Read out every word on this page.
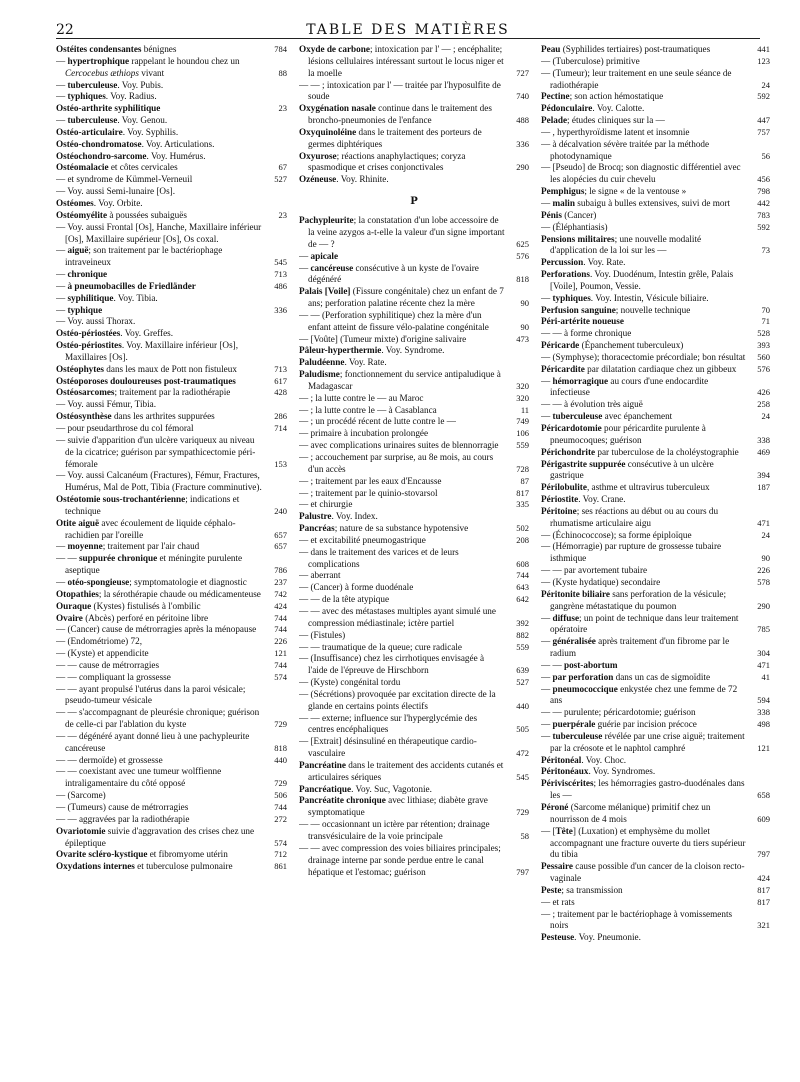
22	TABLE DES MATIÈRES
Ostéites condensantes bénignes	784
— hypertrophique rappelant le houndou chez un Cercocebus æthiops vivant	88
— tuberculeuse. Voy. Pubis.
— typhiques. Voy. Radius.
Ostéo-arthrite syphilitique	23
— tuberculeuse. Voy. Genou.
Ostéo-articulaire. Voy. Syphilis.
Ostéo-chondromatose. Voy. Articulations.
Ostéochondro-sarcome. Voy. Humérus.
Ostéomalacie et côtes cervicales	67
— et syndrome de Kümmel-Verneuil	527
— Voy. aussi Semi-lunaire [Os].
Ostéomes. Voy. Orbite.
Ostéomyélite à poussées subaiguës	23
— Voy. aussi Frontal [Os], Hanche, Maxillaire inférieur [Os], Maxillaire supérieur [Os], Os coxal.
— aiguë; son traitement par le bactériophage intraveineux	545
— chronique	713
— à pneumobacilles de Friedländer	486
— syphilitique. Voy. Tibia.
— typhique	336
— Voy. aussi Thorax.
Ostéo-périostées. Voy. Greffes.
Ostéo-périostites. Voy. Maxillaire inférieur [Os], Maxillaires [Os].
Ostéophytes dans les maux de Pott non fistuleux	713
Ostéoporoses douloureuses post-traumatiques	617
Ostéosarcomes; traitement par la radiothérapie	428
— Voy. aussi Fémur, Tibia.
Ostéosynthèse dans les arthrites suppurées	286
— pour pseudarthrose du col fémoral	714
— suivie d'apparition d'un ulcère variqueux au niveau de la cicatrice; guérison par sympathicectomie péri-fémorale	153
— Voy. aussi Calcanéum (Fractures), Fémur, Fractures, Humérus, Mal de Pott, Tibia (Fracture comminutive).
Ostéotomie sous-trochantérienne; indications et technique	240
Otite aiguë avec écoulement de liquide céphalo-rachidien par l'oreille	657
— moyenne; traitement par l'air chaud	657
— — suppurée chronique et méningite purulente aseptique	786
— otéo-spongieuse; symptomatologie et diagnostic	237
Otopathies; la sérothérapie chaude ou médicamenteuse 742
Ouraque (Kystes) fistulisés à l'ombilic	424
Ovaire (Abcès) perforé en péritoine libre	744
— (Cancer) cause de métrorragies après la ménopause 744
— (Endométriome) 72,	226
— (Kyste) et appendicite	121
— — cause de métrorragies	744
— — compliquant la grossesse	574
— — ayant propulsé l'utérus dans la paroi vésicale; pseudo-tumeur vésicale
— — s'accompagnant de pleurésie chronique; guérison de celle-ci par l'ablation du kyste	729
— — dégénéré ayant donné lieu à une pachypleurite cancéreuse	818
— — dermoïde) et grossesse	440
— — coexistant avec une tumeur wolffienne intraligamentaire du côté opposé	729
— (Sarcome)	506
— (Tumeurs) cause de métrorragies	744
— — aggravées par la radiothérapie	272
Ovariotomie suivie d'aggravation des crises chez une épileptique	574
Ovarite scléro-kystique et fibromyome utérin	712
Oxydations internes et tuberculose pulmonaire	861
Oxyde de carbone; intoxication par l' — ; encéphalite; lésions cellulaires intéressant surtout le locus niger et la moelle	727
— — ; intoxication par l' — traitée par l'hyposulfite de soude	740
Oxygénation nasale continue dans le traitement des broncho-pneumonies de l'enfance	488
Oxyquinoléine dans le traitement des porteurs de germes diphtériques	336
Oxyurose; réactions anaphylactiques; coryza spasmodique et crises conjonctivales	290
Ozéneuse. Voy. Rhinite.
P
Pachypleurite; la constatation d'un lobe accessoire de la veine azygos a-t-elle la valeur d'un signe important de — ?	625
— apicale	576
— cancéreuse consécutive à un kyste de l'ovaire dégénéré	818
Palais [Voile] (Fissure congénitale) chez un enfant de 7 ans; perforation palatine récente chez la mère	90
— — (Perforation syphilitique) chez la mère d'un enfant atteint de fissure vélo-palatine congénitale	90
— [Voûte] (Tumeur mixte) d'origine salivaire	473
Pâleur-hyperthermie. Voy. Syndrome.
Paludéenne. Voy. Rate.
Paludisme; fonctionnement du service antipaludique à Madagascar	320
— ; la lutte contre le — au Maroc	320
— ; la lutte contre le — à Casablanca	11
— ; un procédé récent de lutte contre le —	749
— primaire à incubation prolongée	106
— avec complications urinaires suites de blennorragie 559
— ; accouchement par surprise, au 8e mois, au cours d'un accès	728
— ; traitement par les eaux d'Encausse	87
— ; traitement par le quinio-stovarsol	817
— et chirurgie	335
Palustre. Voy. Index.
Pancréas; nature de sa substance hypotensive	502
— et excitabilité pneumogastrique	208
— dans le traitement des varices et de leurs complications	608
— aberrant	744
— (Cancer) à forme duodénale	643
— — de la tête atypique	642
— — avec des métastases multiples ayant simulé une compression médiastinale; ictère partiel	392
— (Fistules)	882
— — traumatique de la queue; cure radicale	559
— (Insuffisance) chez les cirrhotiques envisagée à l'aide de l'épreuve de Hirschborn	639
— (Kyste) congénital tordu	527
— (Sécrétions) provoquée par excitation directe de la glande en certains points électifs	440
— — externe; influence sur l'hyperglycémie des centres encéphaliques	505
— [Extrait] désinsuliné en thérapeutique cardio-vasculaire	472
Pancréatine dans le traitement des accidents cutanés et articulaires sériques	545
Pancréatique. Voy. Suc, Vagotonie.
Pancréatite chronique avec lithiase; diabète grave symptomatique	729
— — occasionnant un ictère par rétention; drainage transvésiculaire de la voie principale	58
— — avec compression des voies biliaires principales; drainage interne par sonde perdue entre le canal hépatique et l'estomac; guérison	797
Peau (Syphilides tertiaires) post-traumatiques	441
— (Tuberculose) primitive	123
— (Tumeur); leur traitement en une seule séance de radiothérapie	24
Pectine; son action hémostatique	592
Pédonculaire. Voy. Calotte.
Pelade; études cliniques sur la —	447
— , hyperthyroïdisme latent et insomnie	757
— à décalvation sévère traitée par la méthode photodynamique	56
— [Pseudo] de Brocq; son diagnostic différentiel avec les alopécies du cuir chevelu	456
Pemphigus; le signe « de la ventouse »	798
— malin subaigu à bulles extensives, suivi de mort	442
Pénis (Cancer)	783
— (Éléphantiasis)	592
Pensions militaires; une nouvelle modalité d'application de la loi sur les —	73
Percussion. Voy. Rate.
Perforations. Voy. Duodénum, Intestin grêle, Palais [Voile], Poumon, Vessie.
— typhiques. Voy. Intestin, Vésicule biliaire.
Perfusion sanguine; nouvelle technique	70
Péri-artérite noueuse	71
— — à forme chronique	528
Péricarde (Épanchement tuberculeux)	393
— (Symphyse); thoracectomie précordiale; bon résultat 560
Péricardite par dilatation cardiaque chez un gibbeux 576
— hémorragique au cours d'une endocardite infectieuse	426
— — à évolution très aiguë	258
— tuberculeuse avec épanchement	24
Péricardotomie pour péricardite purulente à pneumocoques; guérison	338
Périchondrite par tuberculose de la choléystographie 469
Périgastrite suppurée consécutive à un ulcère gastrique	394
Périlobulite, asthme et ultravirus tuberculeux	187
Périostite. Voy. Crane.
Péritoine; ses réactions au début ou au cours du rhumatisme articulaire aigu	471
— (Échinococcose); sa forme épiploïque	24
— (Hémorragie) par rupture de grossesse tubaire isthmique	90
— — par avortement tubaire	226
— (Kyste hydatique) secondaire	578
Péritonite biliaire sans perforation de la vésicule; gangrène métastatique du poumon	290
— diffuse; un point de technique dans leur traitement opératoire	785
— généralisée après traitement d'un fibrome par le radium	304
— — post-abortum	471
— par perforation dans un cas de sigmoïdite	41
— pneumococcique enkystée chez une femme de 72 ans	594
— — purulente; péricardotomie; guérison	338
— puerpérale guérie par incision précoce	498
— tuberculeuse révélée par une crise aiguë; traitement par la créosote et le naphtol camphré	121
Péritonéal. Voy. Choc.
Péritonéaux. Voy. Syndromes.
Périviscérites; les hémorragies gastro-duodénales dans les —	658
Péroné (Sarcome mélanique) primitif chez un nourrisson de 4 mois	609
— [Tête] (Luxation) et emphysème du mollet accompagnant une fracture ouverte du tiers supérieur du tibia	797
Pessaire cause possible d'un cancer de la cloison recto-vaginale	424
Peste; sa transmission	817
— et rats	817
— ; traitement par le bactériophage à vomissements noirs	321
Pesteuse. Voy. Pneumonie.
